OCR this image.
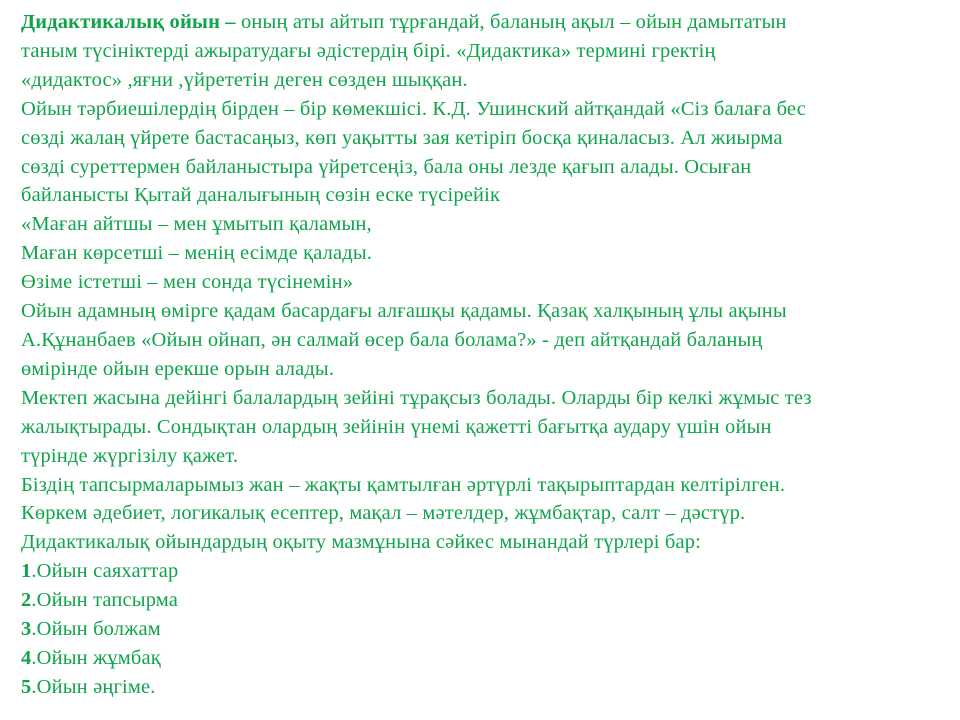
Дидактикалық ойын – оның аты айтып тұрғандай, баланың ақыл – ойын дамытатын
таным түсініктерді ажыратудағы әдістердің бірі. «Дидактика» термині гректің
«дидактос» ,яғни ,үйрететін деген сөзден шыққан.
Ойын тәрбиешілердің бірден – бір көмекшісі. К.Д. Ушинский айтқандай «Сіз балаға бес
сөзді жалаң үйрете бастасаңыз, көп уақытты зая кетіріп босқа қиналасыз. Ал жиырма
сөзді суреттермен байланыстыра үйретсеңіз, бала оны лезде қағып алады. Осыған
байланысты Қытай даналығының сөзін еске түсірейік
«Маған айтшы – мен ұмытып қаламын,
Маған көрсетші – менің есімде қалады.
Өзіме істетші – мен сонда түсінемін»
Ойын адамның өмірге қадам басардағы алғашқы қадамы. Қазақ халқының ұлы ақыны
А.Құнанбаев «Ойын ойнап, ән салмай өсер бала болама?» - деп айтқандай баланың
өмірінде ойын ерекше орын алады.
Мектеп жасына дейінгі балалардың зейіні тұрақсыз болады. Оларды бір келкі жұмыс тез
жалықтырады. Сондықтан олардың зейінін үнемі қажетті бағытқа аудару үшін ойын
түрінде жүргізілу қажет.
Біздің тапсырмаларымыз жан – жақты қамтылған әртүрлі тақырыптардан келтірілген.
Көркем әдебиет, логикалық есептер, мақал – мәтелдер, жұмбақтар, салт – дәстүр.
Дидактикалық ойындардың оқыту мазмұнына сәйкес мынандай түрлері бар:
1.Ойын саяхаттар
2.Ойын тапсырма
3.Ойын болжам
4.Ойын жұмбақ
5.Ойын әңгіме.
